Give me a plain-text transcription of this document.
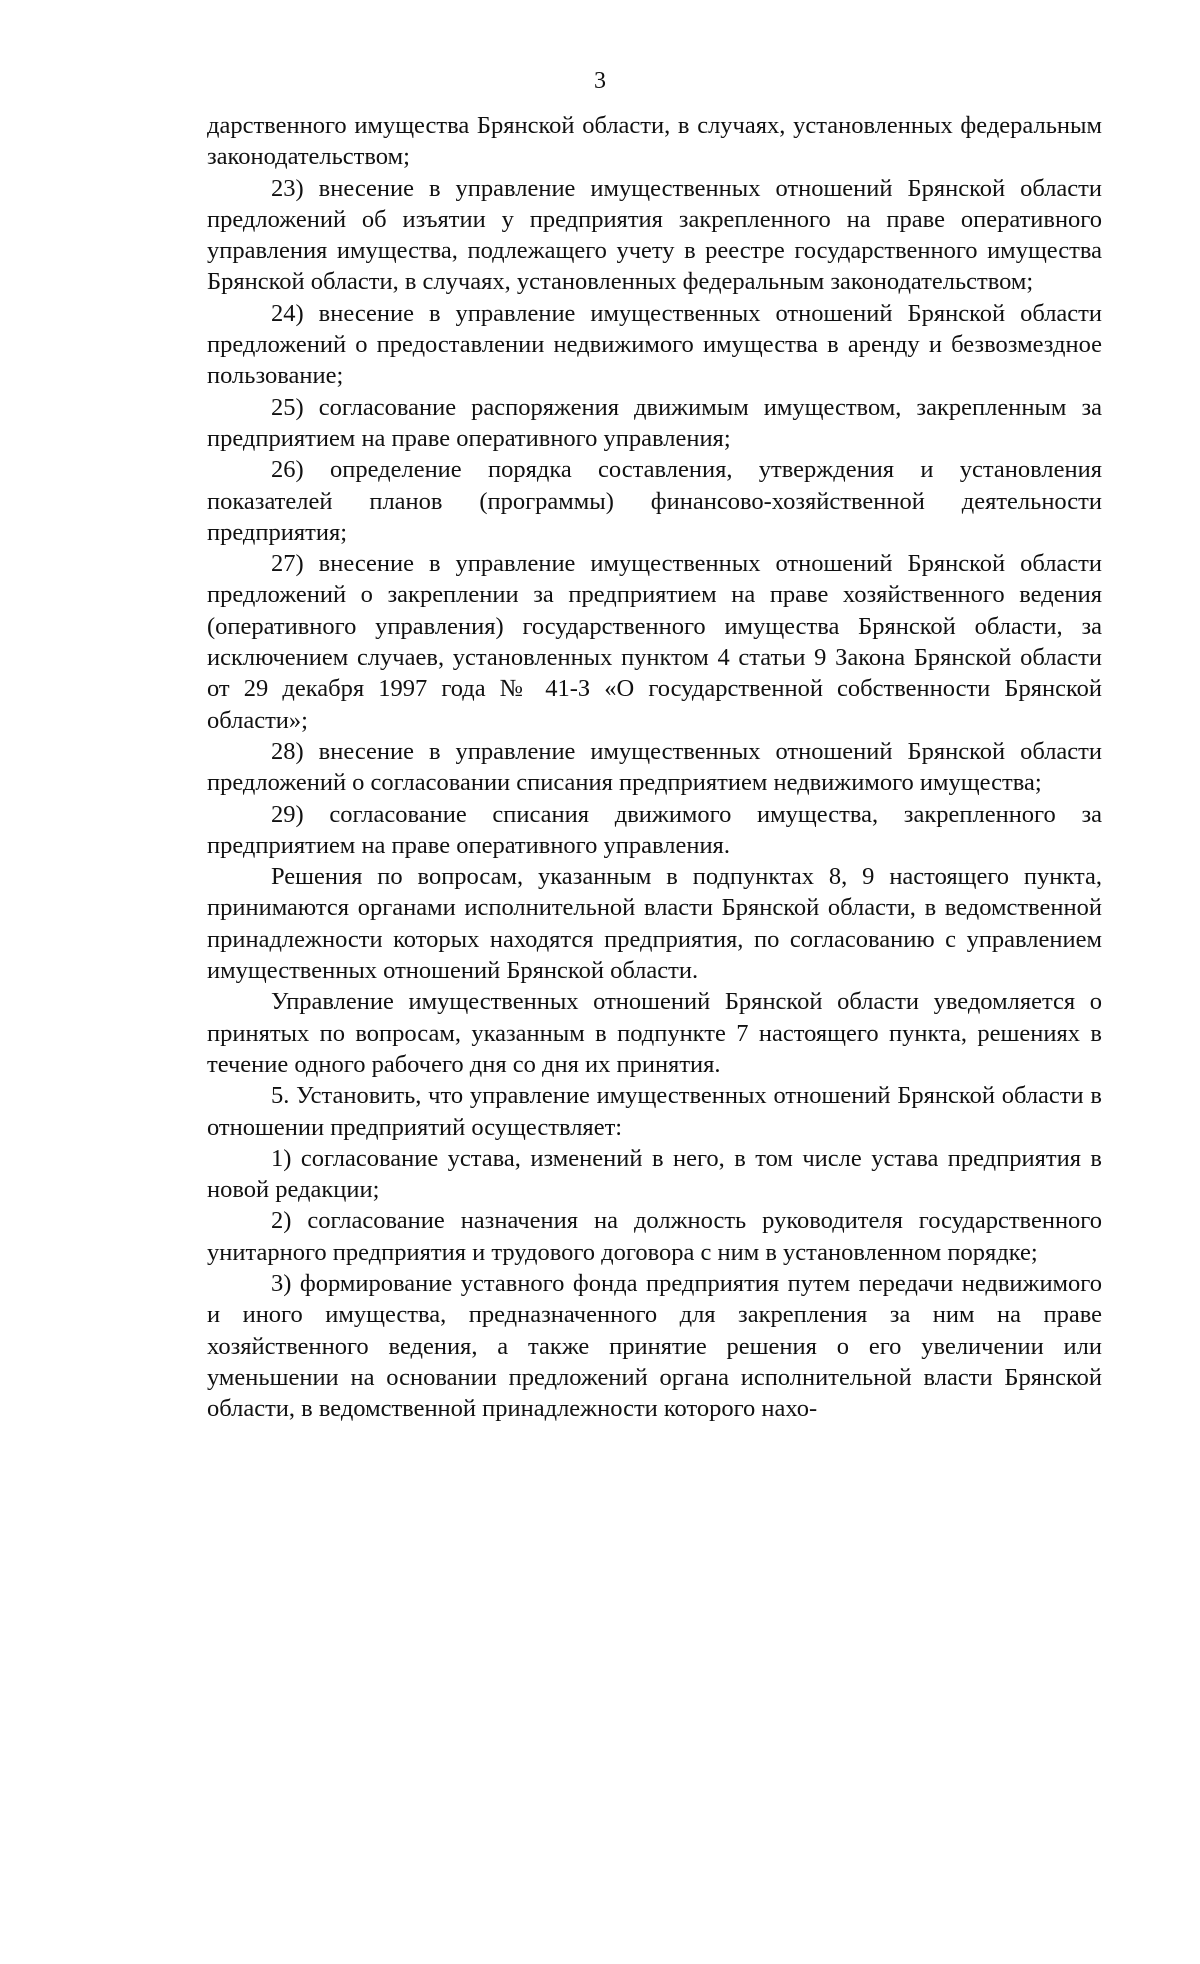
3

дарственного имущества Брянской области, в случаях, установленных федеральным законодательством;

23) внесение в управление имущественных отношений Брянской области предложений об изъятии у предприятия закрепленного на праве оперативного управления имущества, подлежащего учету в реестре государственного имущества Брянской области, в случаях, установленных федеральным законодательством;

24) внесение в управление имущественных отношений Брянской области предложений о предоставлении недвижимого имущества в аренду и безвозмездное пользование;

25) согласование распоряжения движимым имуществом, закрепленным за предприятием на праве оперативного управления;

26) определение порядка составления, утверждения и установления показателей планов (программы) финансово-хозяйственной деятельности предприятия;

27) внесение в управление имущественных отношений Брянской области предложений о закреплении за предприятием на праве хозяйственного ведения (оперативного управления) государственного имущества Брянской области, за исключением случаев, установленных пунктом 4 статьи 9 Закона Брянской области от 29 декабря 1997 года № 41-З «О государственной собственности Брянской области»;

28) внесение в управление имущественных отношений Брянской области предложений о согласовании списания предприятием недвижимого имущества;

29) согласование списания движимого имущества, закрепленного за предприятием на праве оперативного управления.

Решения по вопросам, указанным в подпунктах 8, 9 настоящего пункта, принимаются органами исполнительной власти Брянской области, в ведомственной принадлежности которых находятся предприятия, по согласованию с управлением имущественных отношений Брянской области.

Управление имущественных отношений Брянской области уведомляется о принятых по вопросам, указанным в подпункте 7 настоящего пункта, решениях в течение одного рабочего дня со дня их принятия.

5. Установить, что управление имущественных отношений Брянской области в отношении предприятий осуществляет:

1) согласование устава, изменений в него, в том числе устава предприятия в новой редакции;

2) согласование назначения на должность руководителя государственного унитарного предприятия и трудового договора с ним в установленном порядке;

3) формирование уставного фонда предприятия путем передачи недвижимого и иного имущества, предназначенного для закрепления за ним на праве хозяйственного ведения, а также принятие решения о его увеличении или уменьшении на основании предложений органа исполнительной власти Брянской области, в ведомственной принадлежности которого нахо-
